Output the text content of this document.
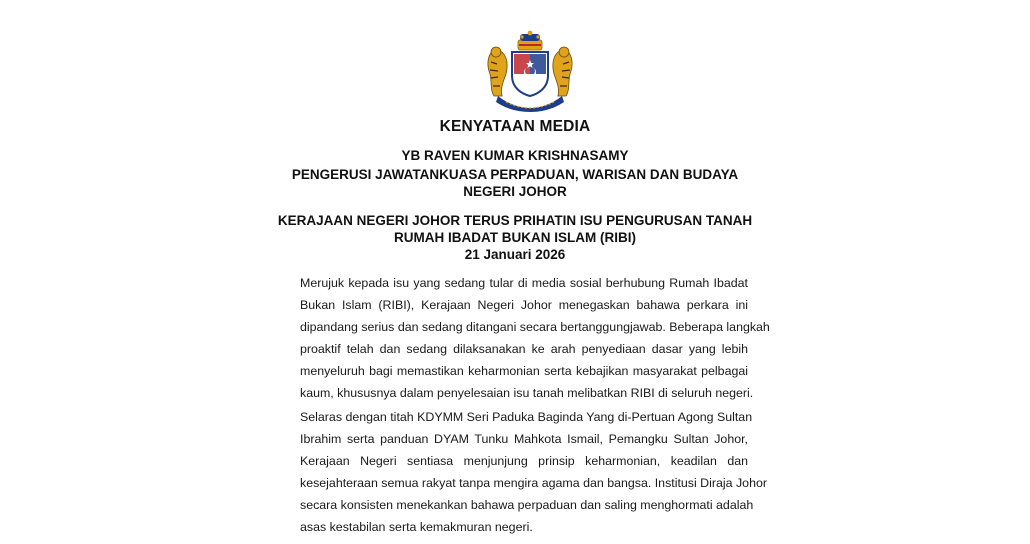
KENYATAAN MEDIA
YB RAVEN KUMAR KRISHNASAMY
PENGERUSI JAWATANKUASA PERPADUAN, WARISAN DAN BUDAYA
NEGERI JOHOR
KERAJAAN NEGERI JOHOR TERUS PRIHATIN ISU PENGURUSAN TANAH
RUMAH IBADAT BUKAN ISLAM (RIBI)
21 Januari 2026
Merujuk kepada isu yang sedang tular di media sosial berhubung Rumah Ibadat
Bukan Islam (RIBI), Kerajaan Negeri Johor menegaskan bahawa perkara ini
dipandang serius dan sedang ditangani secara bertanggungjawab. Beberapa langkah
proaktif telah dan sedang dilaksanakan ke arah penyediaan dasar yang lebih
menyeluruh bagi memastikan keharmonian serta kebajikan masyarakat pelbagai
kaum, khususnya dalam penyelesaian isu tanah melibatkan RIBI di seluruh negeri.
Selaras dengan titah KDYMM Seri Paduka Baginda Yang di-Pertuan Agong Sultan
Ibrahim serta panduan DYAM Tunku Mahkota Ismail, Pemangku Sultan Johor,
Kerajaan Negeri sentiasa menjunjung prinsip keharmonian, keadilan dan
kesejahteraan semua rakyat tanpa mengira agama dan bangsa. Institusi Diraja Johor
secara konsisten menekankan bahawa perpaduan dan saling menghormati adalah
asas kestabilan serta kemakmuran negeri.
